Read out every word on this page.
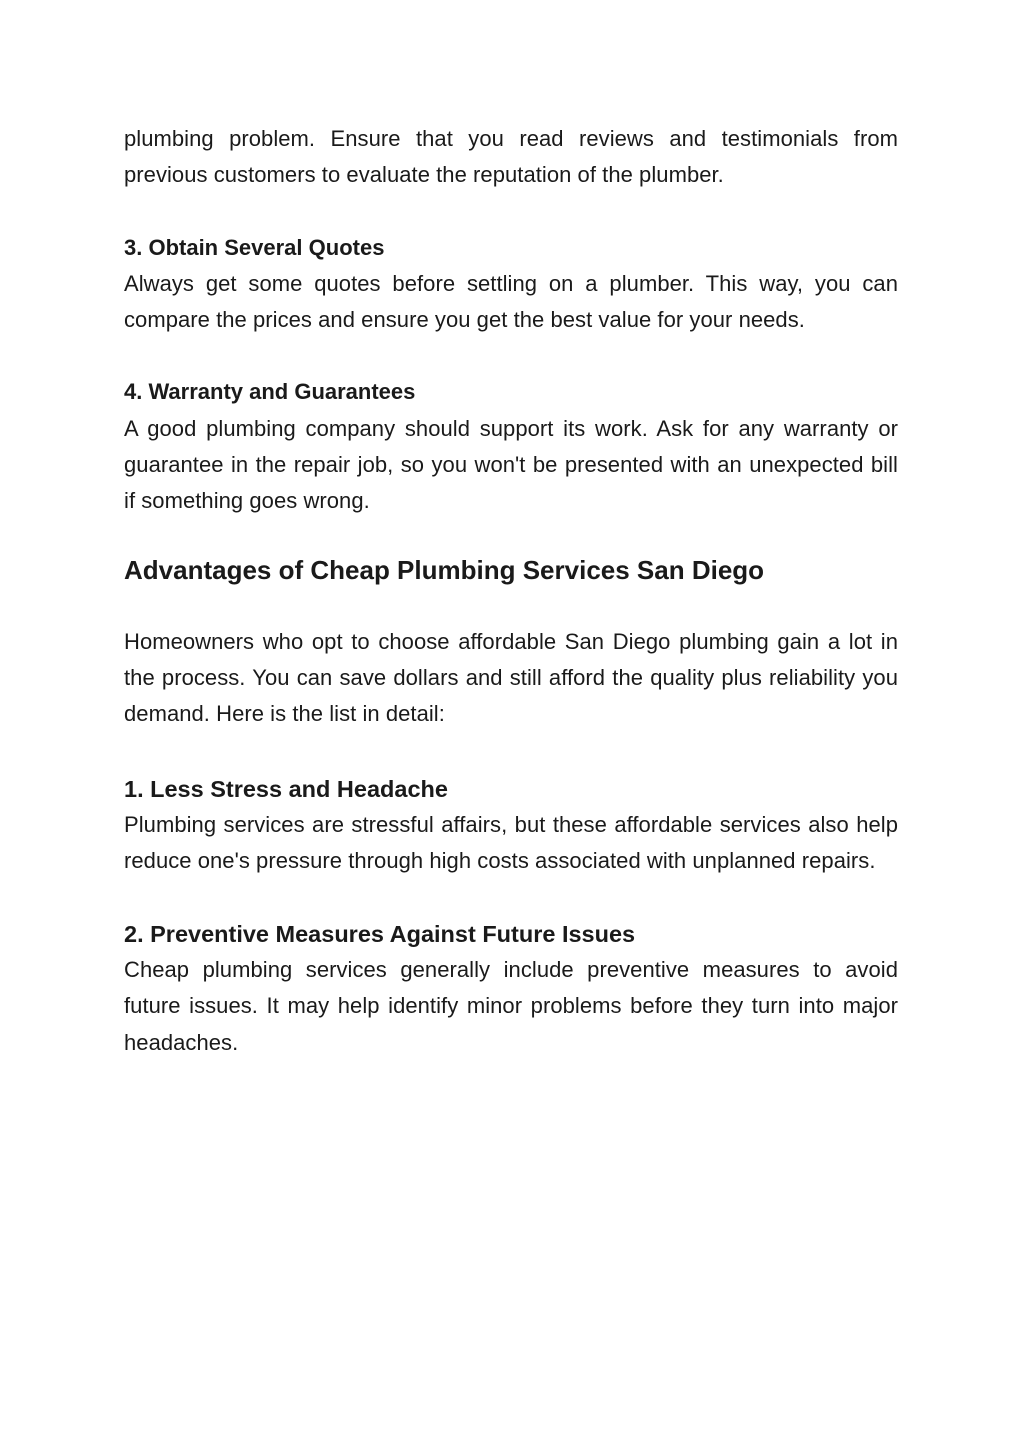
plumbing problem. Ensure that you read reviews and testimonials from previous customers to evaluate the reputation of the plumber.

3. Obtain Several Quotes

Always get some quotes before settling on a plumber. This way, you can compare the prices and ensure you get the best value for your needs.

4. Warranty and Guarantees

A good plumbing company should support its work. Ask for any warranty or guarantee in the repair job, so you won't be presented with an unexpected bill if something goes wrong.

Advantages of Cheap Plumbing Services San Diego

Homeowners who opt to choose affordable San Diego plumbing gain a lot in the process. You can save dollars and still afford the quality plus reliability you demand. Here is the list in detail:

1. Less Stress and Headache

Plumbing services are stressful affairs, but these affordable services also help reduce one's pressure through high costs associated with unplanned repairs.

2. Preventive Measures Against Future Issues

Cheap plumbing services generally include preventive measures to avoid future issues. It may help identify minor problems before they turn into major headaches.
